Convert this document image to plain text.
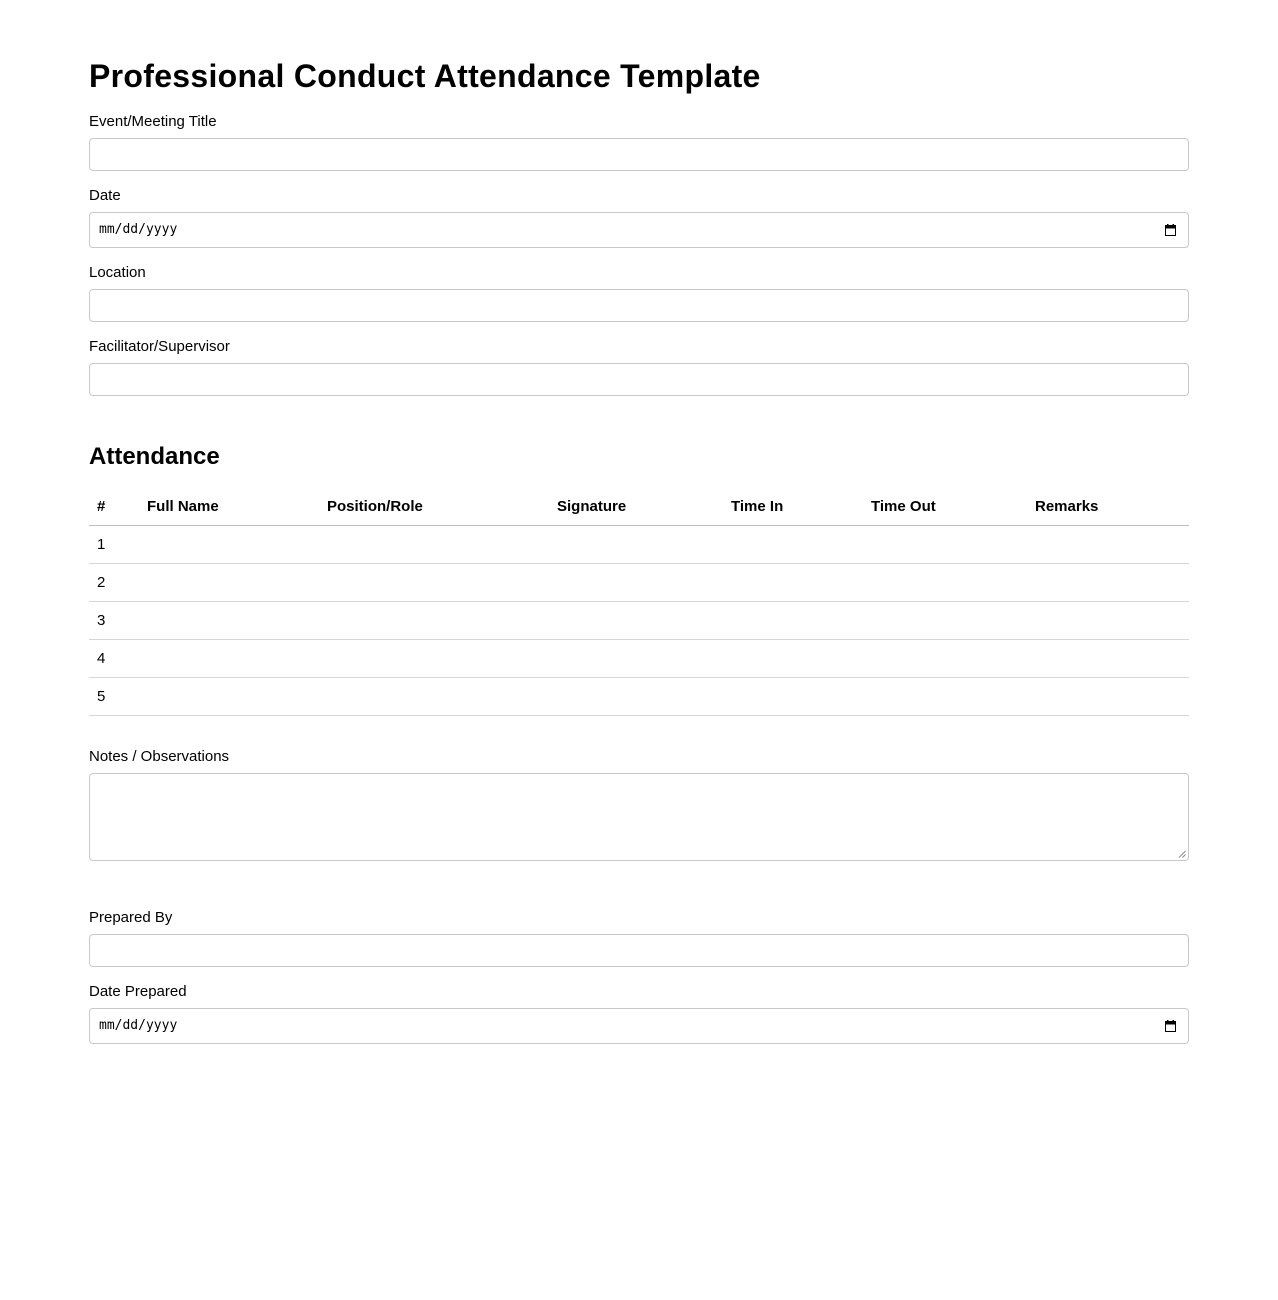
Professional Conduct Attendance Template
Event/Meeting Title
Date
mm/dd/yyyy
Location
Facilitator/Supervisor
Attendance
#	Full Name	Position/Role	Signature	Time In	Time Out	Remarks
1						
2						
3						
4						
5						
Notes / Observations
Prepared By
Date Prepared
mm/dd/yyyy
